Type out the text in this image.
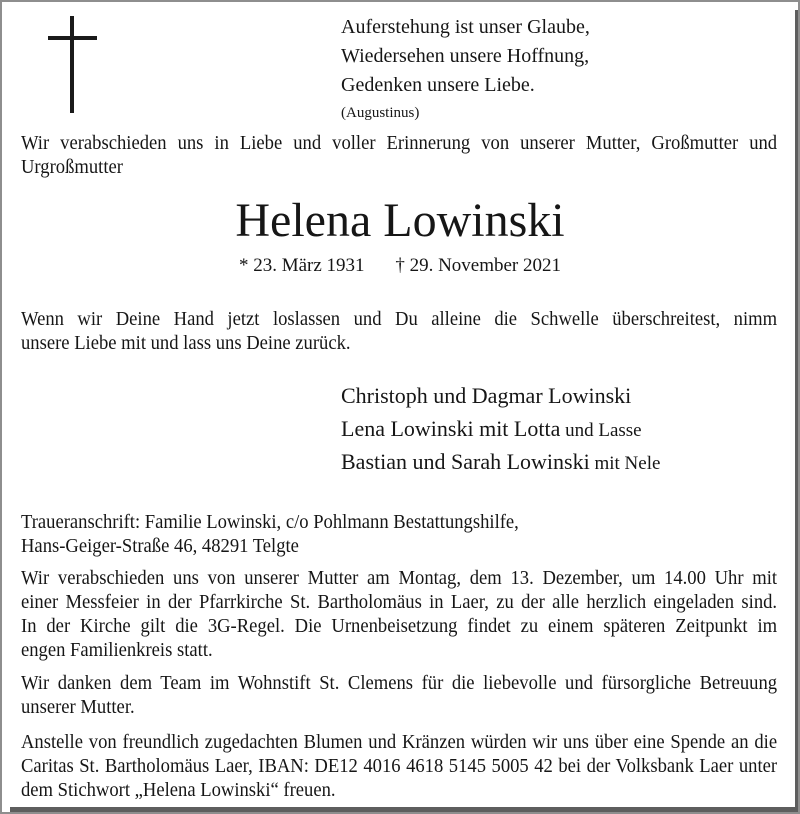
Auferstehung ist unser Glaube,
Wiedersehen unsere Hoffnung,
Gedenken unsere Liebe.
(Augustinus)
Wir verabschieden uns in Liebe und voller Erinnerung von unserer Mutter, Großmutter und
Urgroßmutter
Helena Lowinski
* 23. März 1931 † 29. November 2021
Wenn wir Deine Hand jetzt loslassen und Du alleine die Schwelle überschreitest, nimm
unsere Liebe mit und lass uns Deine zurück.
Christoph und Dagmar Lowinski
Lena Lowinski mit Lotta und Lasse
Bastian und Sarah Lowinski mit Nele
Traueranschrift: Familie Lowinski, c/o Pohlmann Bestattungshilfe,
Hans-Geiger-Straße 46, 48291 Telgte
Wir verabschieden uns von unserer Mutter am Montag, dem 13. Dezember, um 14.00 Uhr mit
einer Messfeier in der Pfarrkirche St. Bartholomäus in Laer, zu der alle herzlich eingeladen sind.
In der Kirche gilt die 3G-Regel. Die Urnenbeisetzung findet zu einem späteren Zeitpunkt im
engen Familienkreis statt.
Wir danken dem Team im Wohnstift St. Clemens für die liebevolle und fürsorgliche Betreuung
unserer Mutter.
Anstelle von freundlich zugedachten Blumen und Kränzen würden wir uns über eine Spende an die
Caritas St. Bartholomäus Laer, IBAN: DE12 4016 4618 5145 5005 42 bei der Volksbank Laer unter
dem Stichwort „Helena Lowinski“ freuen.
